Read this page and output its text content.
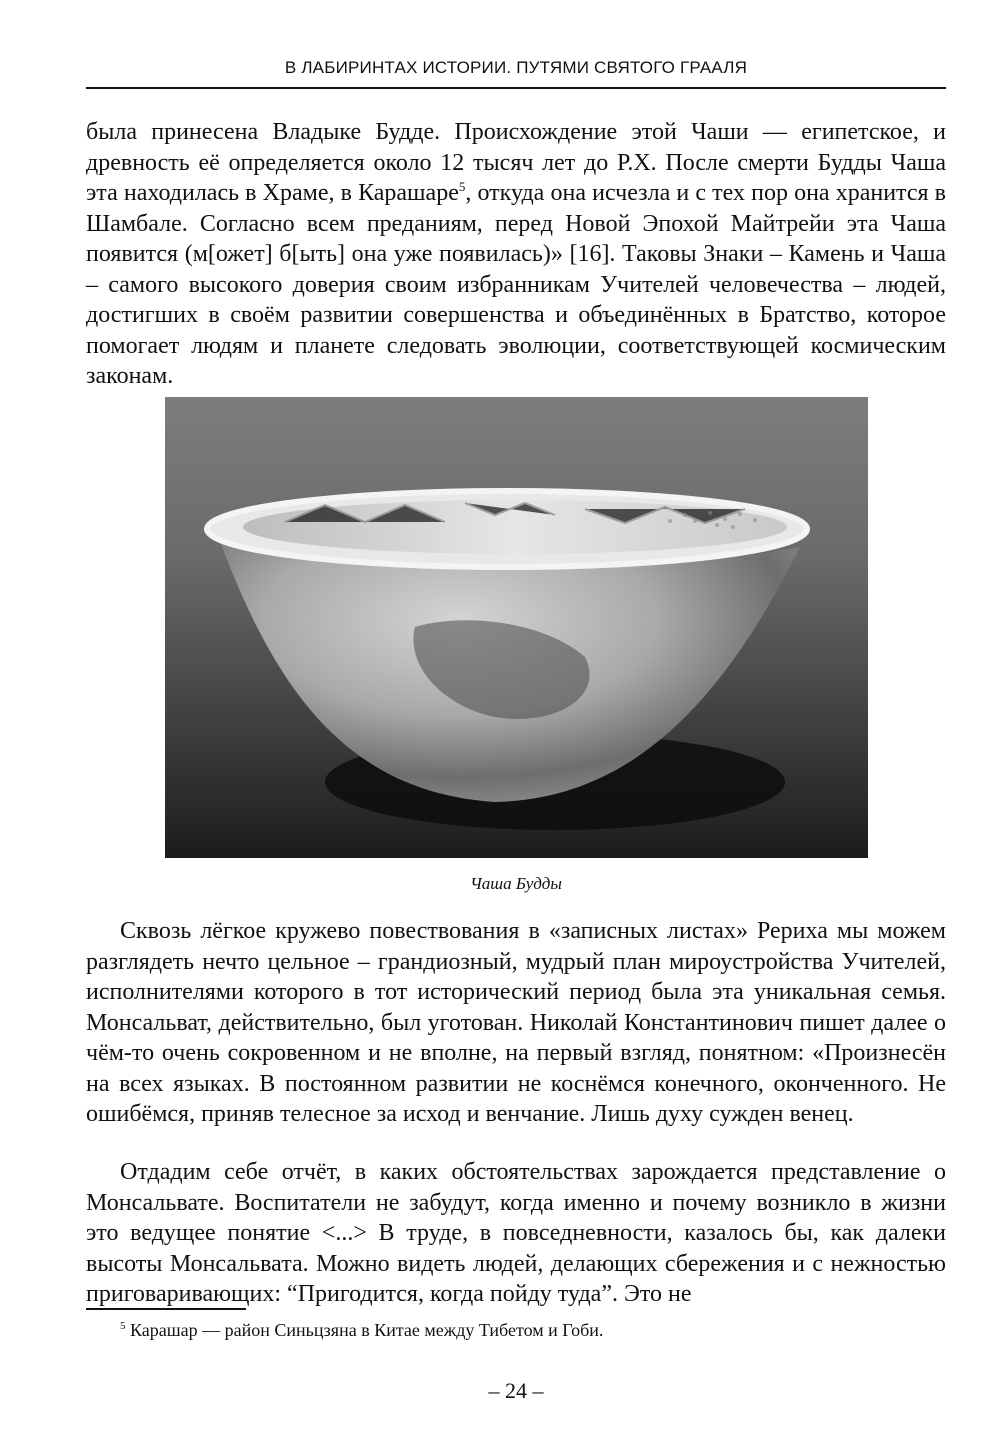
В ЛАБИРИНТАХ ИСТОРИИ. ПУТЯМИ СВЯТОГО ГРААЛЯ

была принесена Владыке Будде. Происхождение этой Чаши — египетское, и древность её определяется около 12 тысяч лет до Р.Х. После смерти Будды Чаша эта находилась в Храме, в Карашаре$^5$, откуда она исчезла и с тех пор она хранится в Шамбале. Согласно всем преданиям, перед Новой Эпохой Майтрейи эта Чаша появится (м[ожет] б[ыть] она уже появилась)» [16]. Таковы Знаки – Камень и Чаша – самого высокого доверия своим избранникам Учителей человечества – людей, достигших в своём развитии совершенства и объединённых в Братство, которое помогает людям и планете следовать эволюции, соответствующей космическим законам.

Чаша Будды

Сквозь лёгкое кружево повествования в «записных листах» Рериха мы можем разглядеть нечто цельное – грандиозный, мудрый план мироустройства Учителей, исполнителями которого в тот исторический период была эта уникальная семья. Монсальват, действительно, был уготован. Николай Константинович пишет далее о чём-то очень сокровенном и не вполне, на первый взгляд, понятном: «Произнесён на всех языках. В постоянном развитии не коснёмся конечного, оконченного. Не ошибёмся, приняв телесное за исход и венчание. Лишь духу сужден венец.

Отдадим себе отчёт, в каких обстоятельствах зарождается представление о Монсальвате. Воспитатели не забудут, когда именно и почему возникло в жизни это ведущее понятие <...> В труде, в повседневности, казалось бы, как далеки высоты Монсальвата. Можно видеть людей, делающих сбережения и с нежностью приговаривающих: “Пригодится, когда пойду туда”. Это не

$^5$ Карашар — район Синьцзяна в Китае между Тибетом и Гоби.
– 24 –
